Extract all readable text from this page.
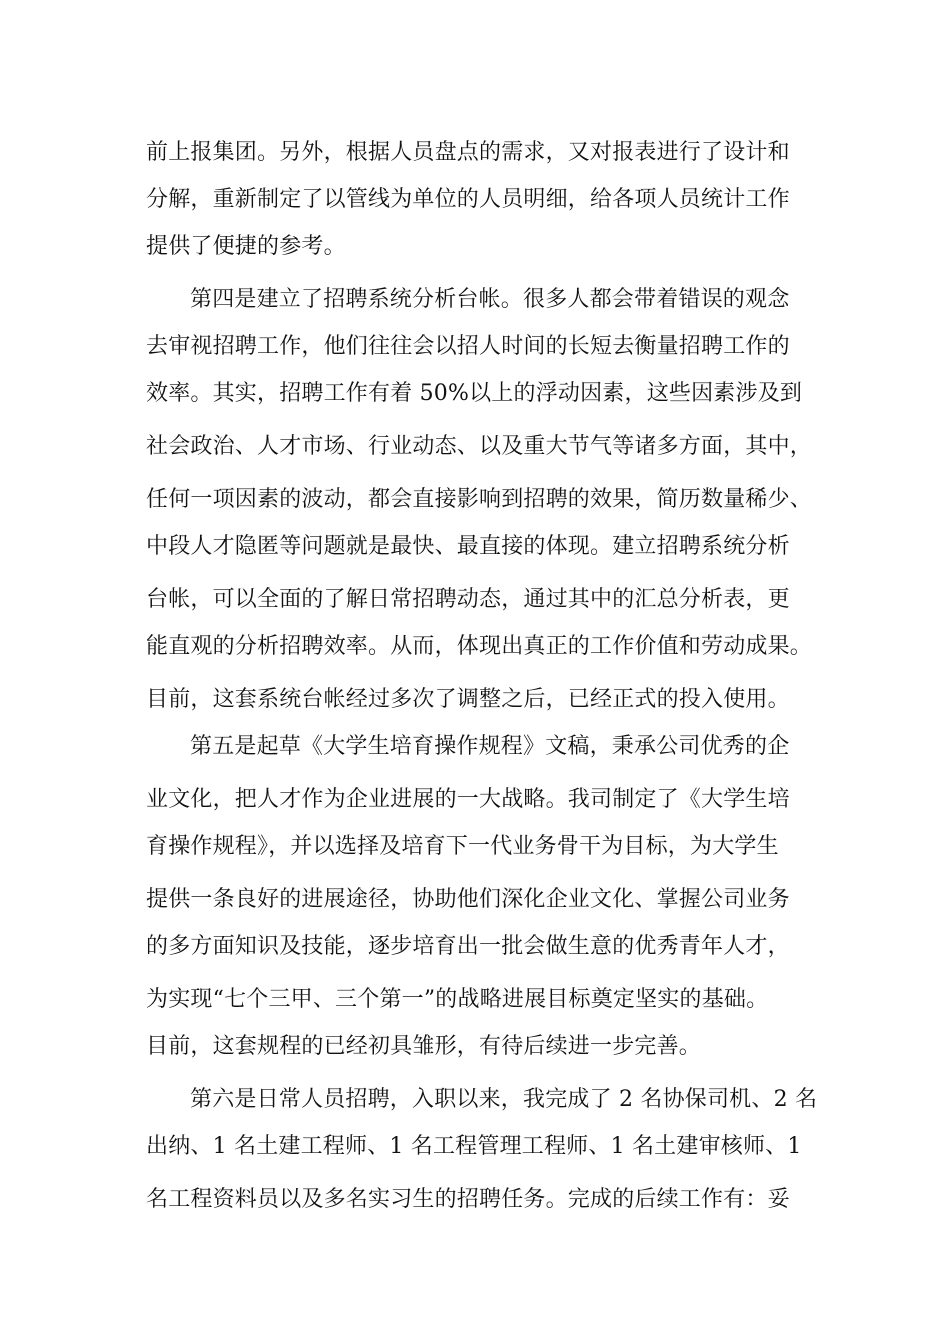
前上报集团。另外，根据人员盘点的需求，又对报表进行了设计和
分解，重新制定了以管线为单位的人员明细，给各项人员统计工作
提供了便捷的参考。
第四是建立了招聘系统分析台帐。很多人都会带着错误的观念
去审视招聘工作，他们往往会以招人时间的长短去衡量招聘工作的
效率。其实，招聘工作有着 50%以上的浮动因素，这些因素涉及到
社会政治、人才市场、行业动态、以及重大节气等诸多方面，其中，
任何一项因素的波动，都会直接影响到招聘的效果，简历数量稀少、
中段人才隐匿等问题就是最快、最直接的体现。建立招聘系统分析
台帐，可以全面的了解日常招聘动态，通过其中的汇总分析表，更
能直观的分析招聘效率。从而，体现出真正的工作价值和劳动成果。
目前，这套系统台帐经过多次了调整之后，已经正式的投入使用。
第五是起草《大学生培育操作规程》文稿，秉承公司优秀的企
业文化，把人才作为企业进展的一大战略。我司制定了《大学生培
育操作规程》，并以选择及培育下一代业务骨干为目标，为大学生
提供一条良好的进展途径，协助他们深化企业文化、掌握公司业务
的多方面知识及技能，逐步培育出一批会做生意的优秀青年人才，
为实现“七个三甲、三个第一”的战略进展目标奠定坚实的基础。
目前，这套规程的已经初具雏形，有待后续进一步完善。
第六是日常人员招聘，入职以来，我完成了 2 名协保司机、2 名
出纳、1 名土建工程师、1 名工程管理工程师、1 名土建审核师、1
名工程资料员以及多名实习生的招聘任务。完成的后续工作有：妥
